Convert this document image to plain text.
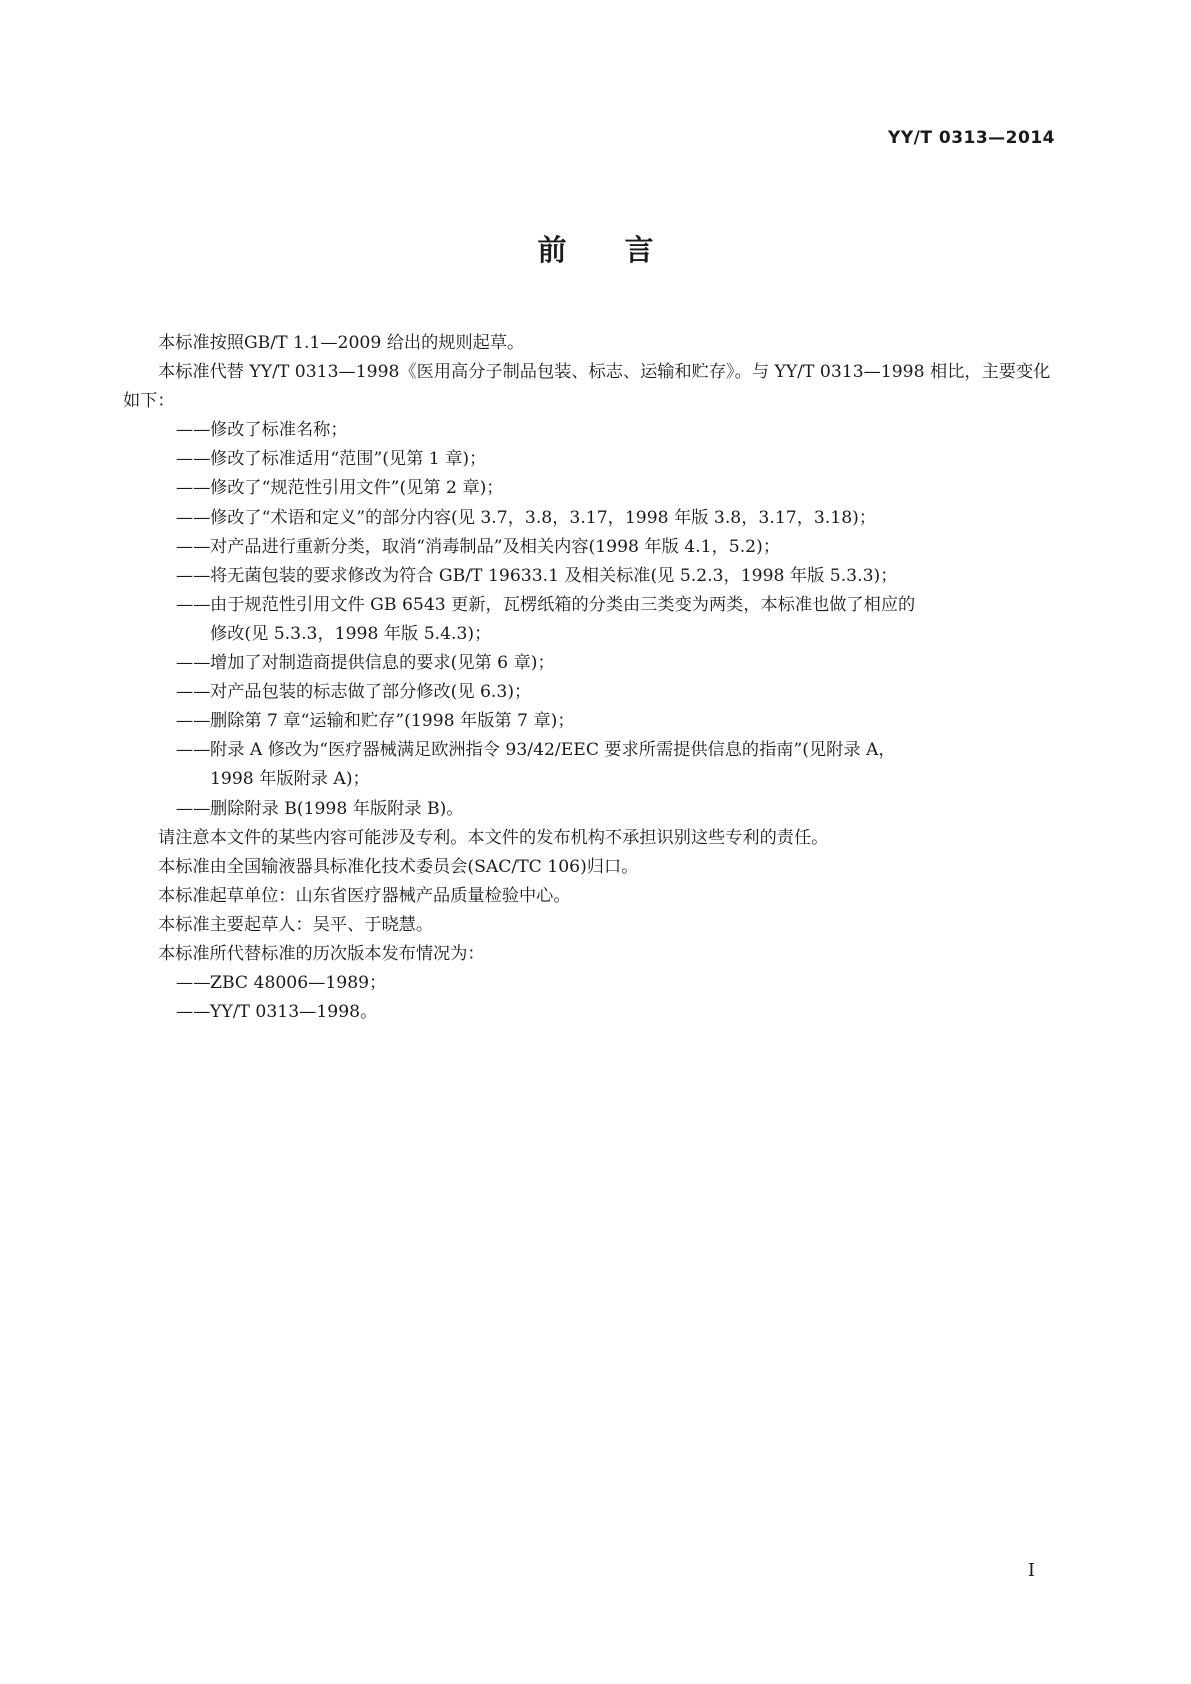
YY/T 0313—2014
前 言

本标准按照GB/T 1.1—2009 给出的规则起草。

本标准代替 YY/T 0313—1998《医用高分子制品包装、标志、运输和贮存》。与 YY/T 0313—1998 相比，主要变化如下：

—— 修改了标准名称；

—— 修改了标准适用“范围”(见第 1 章)；

—— 修改了“规范性引用文件”(见第 2 章)；

—— 修改了“术语和定义”的部分内容(见 3.7，3.8，3.17，1998 年版 3.8，3.17，3.18)；

—— 对产品进行重新分类，取消“消毒制品”及相关内容(1998 年版 4.1，5.2)；

—— 将无菌包装的要求修改为符合 GB/T 19633.1 及相关标准(见 5.2.3，1998 年版 5.3.3)；

—— 由于规范性引用文件 GB 6543 更新，瓦楞纸箱的分类由三类变为两类，本标准也做了相应的
修改(见 5.3.3，1998 年版 5.4.3)；

—— 增加了对制造商提供信息的要求(见第 6 章)；

—— 对产品包装的标志做了部分修改(见 6.3)；

—— 删除第 7 章“运输和贮存”(1998 年版第 7 章)；

—— 附录 A 修改为“医疗器械满足欧洲指令 93/42/EEC 要求所需提供信息的指南”(见附录 A，
1998 年版附录 A)；

—— 删除附录 B(1998 年版附录 B)。

请注意本文件的某些内容可能涉及专利。本文件的发布机构不承担识别这些专利的责任。

本标准由全国输液器具标准化技术委员会(SAC/TC 106)归口。

本标准起草单位：山东省医疗器械产品质量检验中心。

本标准主要起草人：吴平、于晓慧。

本标准所代替标准的历次版本发布情况为：

—— ZBC 48006—1989；

—— YY/T 0313—1998。

I
